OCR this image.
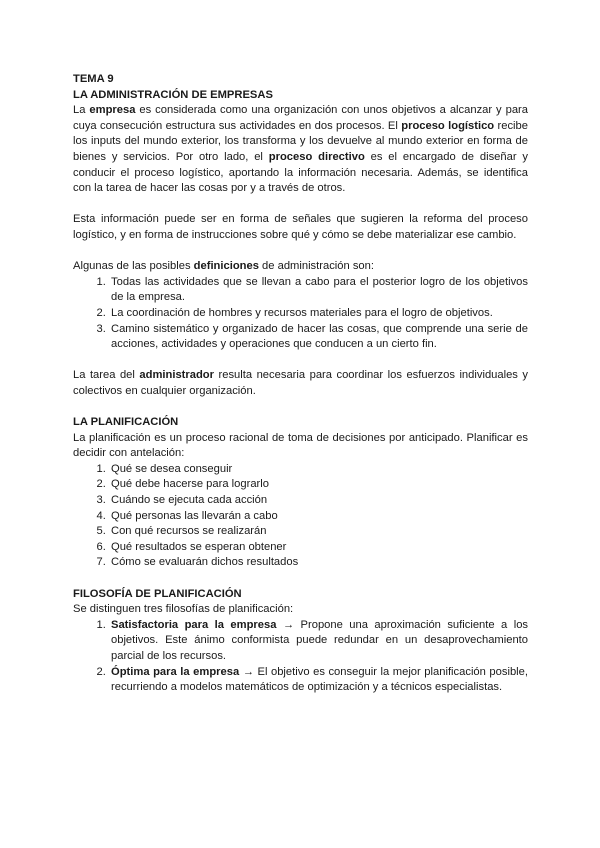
TEMA 9
LA ADMINISTRACIÓN DE EMPRESAS

La empresa es considerada como una organización con unos objetivos a alcanzar y para cuya consecución estructura sus actividades en dos procesos. El proceso logístico recibe los inputs del mundo exterior, los transforma y los devuelve al mundo exterior en forma de bienes y servicios. Por otro lado, el proceso directivo es el encargado de diseñar y conducir el proceso logístico, aportando la información necesaria. Además, se identifica con la tarea de hacer las cosas por y a través de otros.

Esta información puede ser en forma de señales que sugieren la reforma del proceso logístico, y en forma de instrucciones sobre qué y cómo se debe materializar ese cambio.

Algunas de las posibles definiciones de administración son:

1. Todas las actividades que se llevan a cabo para el posterior logro de los objetivos de la empresa.
2. La coordinación de hombres y recursos materiales para el logro de objetivos.
3. Camino sistemático y organizado de hacer las cosas, que comprende una serie de acciones, actividades y operaciones que conducen a un cierto fin.

La tarea del administrador resulta necesaria para coordinar los esfuerzos individuales y colectivos en cualquier organización.

LA PLANIFICACIÓN

La planificación es un proceso racional de toma de decisiones por anticipado. Planificar es decidir con antelación:

1. Qué se desea conseguir
2. Qué debe hacerse para lograrlo
3. Cuándo se ejecuta cada acción
4. Qué personas las llevarán a cabo
5. Con qué recursos se realizarán
6. Qué resultados se esperan obtener
7. Cómo se evaluarán dichos resultados
FILOSOFÍA DE PLANIFICACIÓN

Se distinguen tres filosofías de planificación:

1. Satisfactoria para la empresa → Propone una aproximación suficiente a los objetivos. Este ánimo conformista puede redundar en un desaprovechamiento parcial de los recursos.
2. Óptima para la empresa → El objetivo es conseguir la mejor planificación posible, recurriendo a modelos matemáticos de optimización y a técnicos especialistas.
